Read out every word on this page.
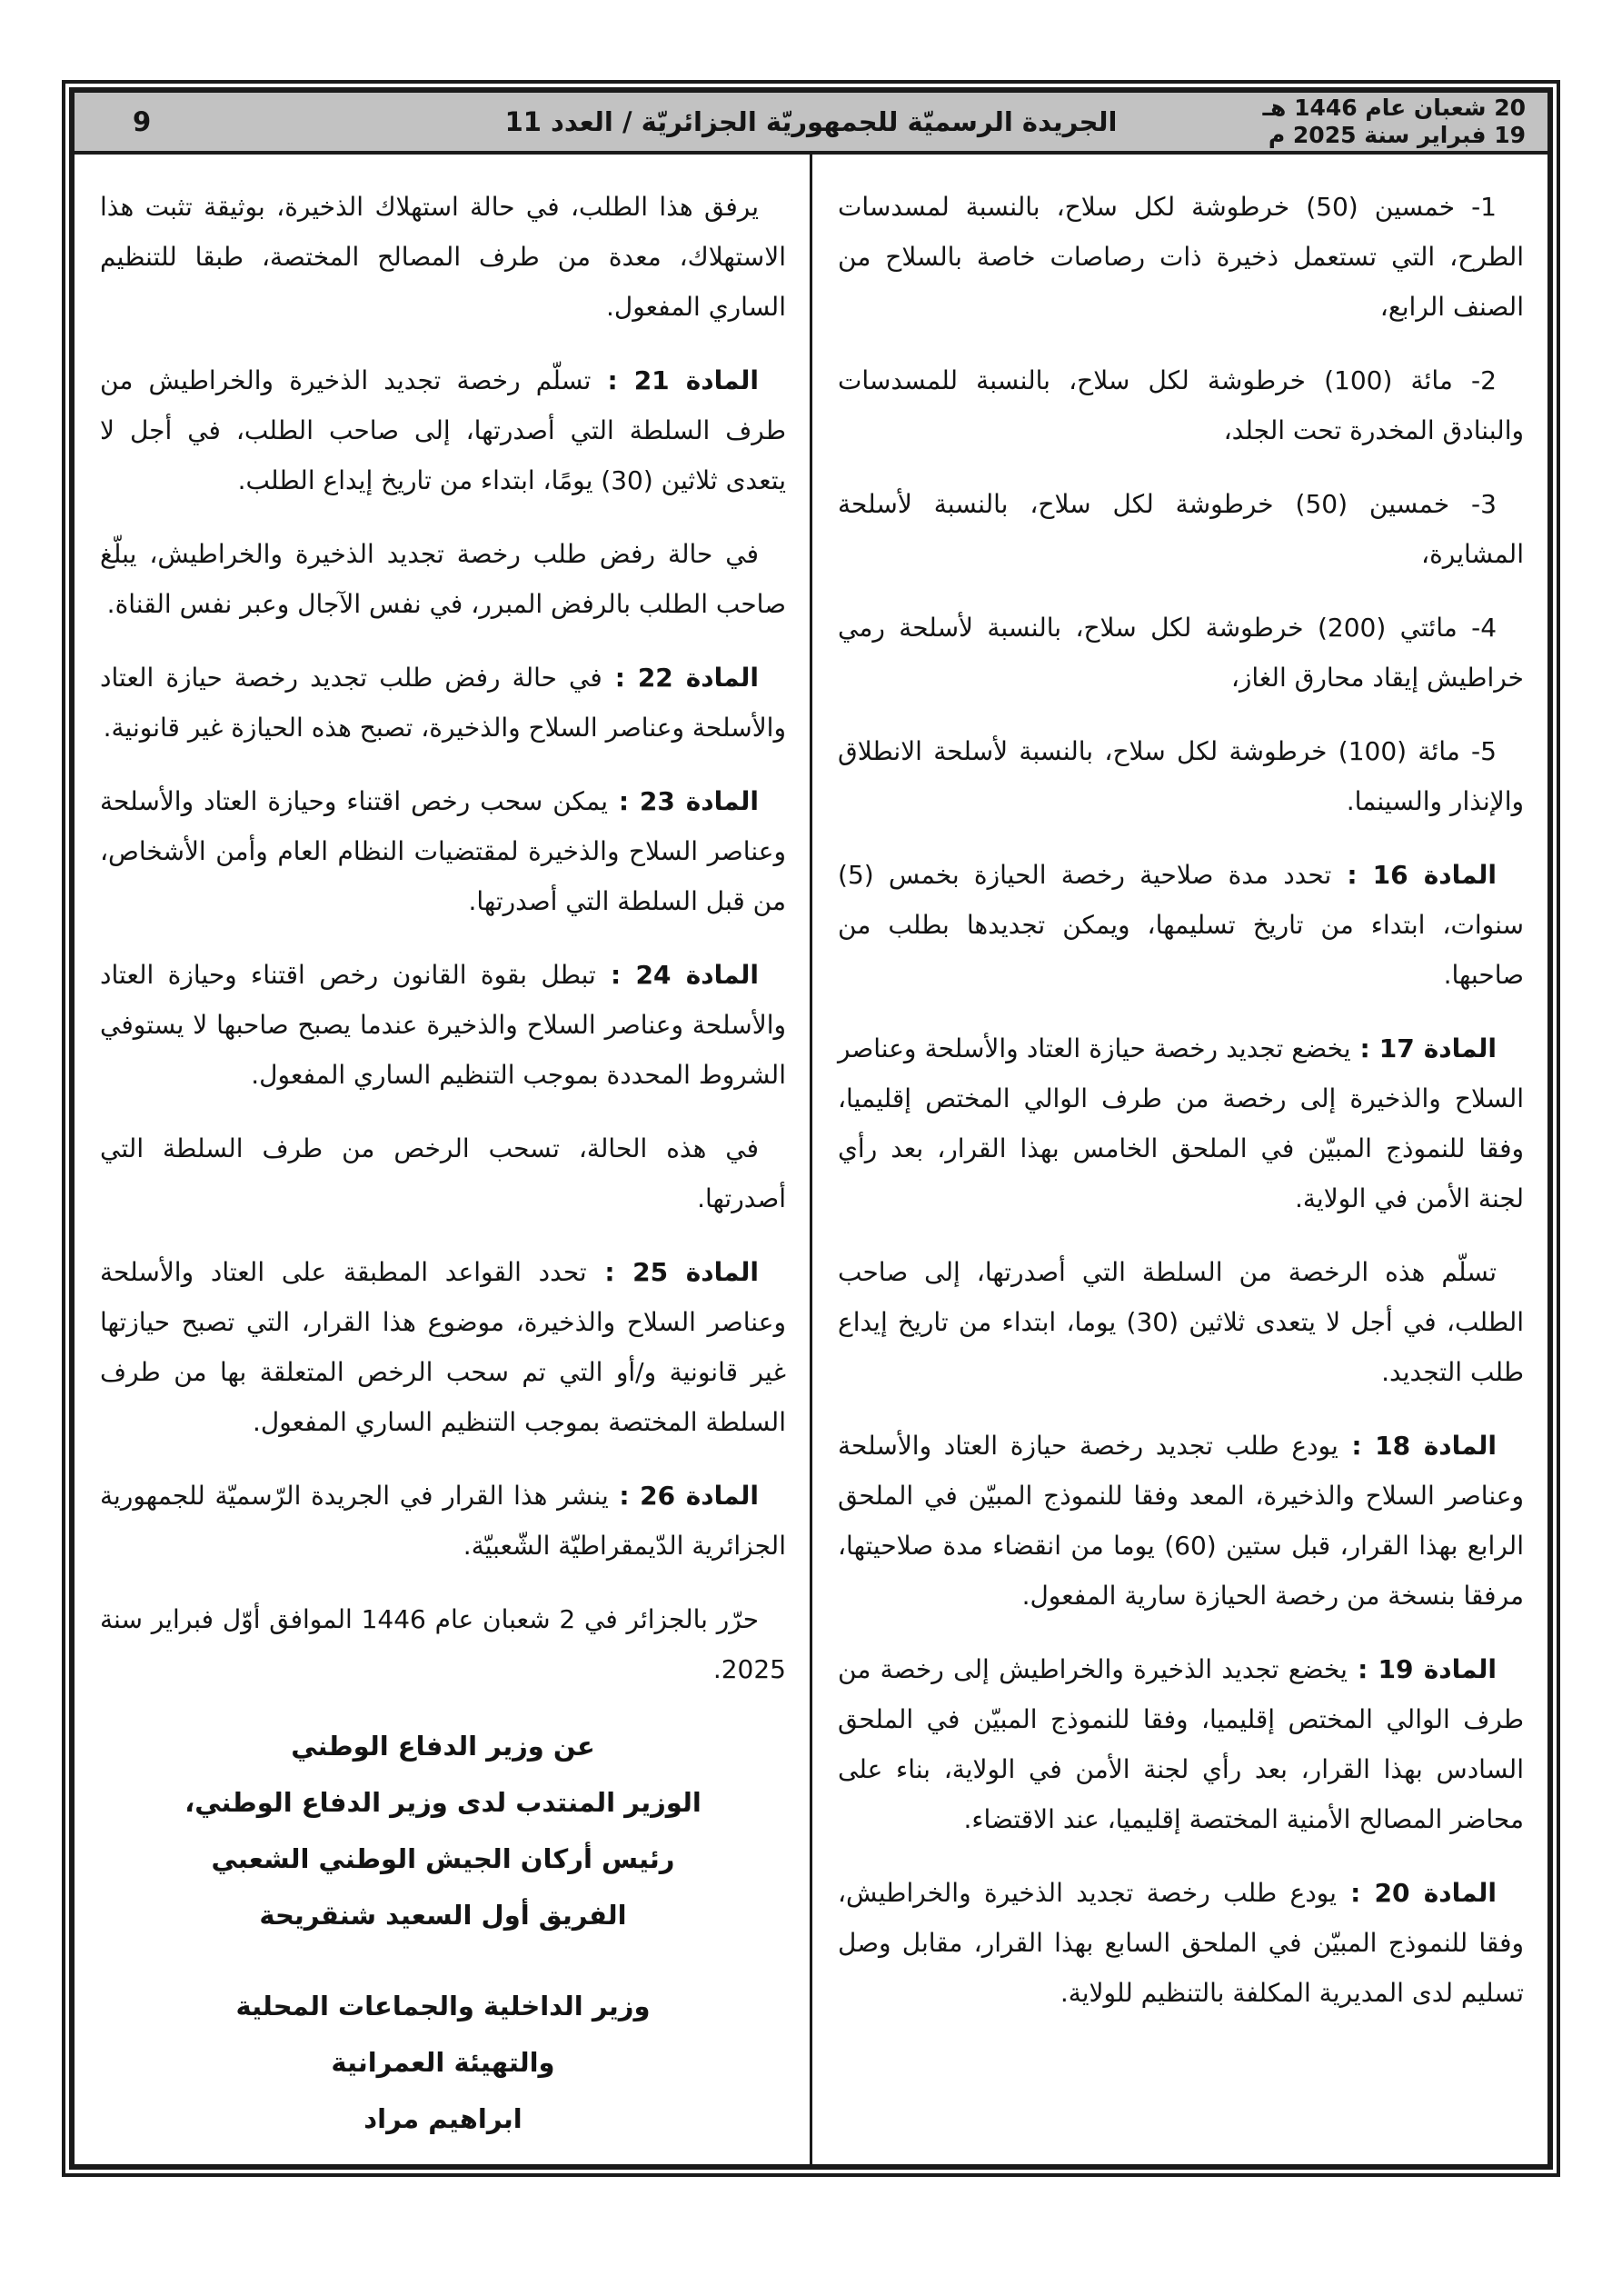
20 شعبان عام 1446 هـ
19 فبراير سنة 2025 م
الجريدة الرسميّة للجمهوريّة الجزائريّة / العدد 11
9

1- خمسين (50) خرطوشة لكل سلاح، بالنسبة لمسدسات الطرح، التي تستعمل ذخيرة ذات رصاصات خاصة بالسلاح من الصنف الرابع،

2- مائة (100) خرطوشة لكل سلاح، بالنسبة للمسدسات والبنادق المخدرة تحت الجلد،

3- خمسين (50) خرطوشة لكل سلاح، بالنسبة لأسلحة المشايرة،

4- مائتي (200) خرطوشة لكل سلاح، بالنسبة لأسلحة رمي خراطيش إيقاد محارق الغاز،

5- مائة (100) خرطوشة لكل سلاح، بالنسبة لأسلحة الانطلاق والإنذار والسينما.

المادة 16 : تحدد مدة صلاحية رخصة الحيازة بخمس (5) سنوات، ابتداء من تاريخ تسليمها، ويمكن تجديدها بطلب من صاحبها.

المادة 17 : يخضع تجديد رخصة حيازة العتاد والأسلحة وعناصر السلاح والذخيرة إلى رخصة من طرف الوالي المختص إقليميا، وفقا للنموذج المبيّن في الملحق الخامس بهذا القرار، بعد رأي لجنة الأمن في الولاية.

تسلّم هذه الرخصة من السلطة التي أصدرتها، إلى صاحب الطلب، في أجل لا يتعدى ثلاثين (30) يوما، ابتداء من تاريخ إيداع طلب التجديد.

المادة 18 : يودع طلب تجديد رخصة حيازة العتاد والأسلحة وعناصر السلاح والذخيرة، المعد وفقا للنموذج المبيّن في الملحق الرابع بهذا القرار، قبل ستين (60) يوما من انقضاء مدة صلاحيتها، مرفقا بنسخة من رخصة الحيازة سارية المفعول.

المادة 19 : يخضع تجديد الذخيرة والخراطيش إلى رخصة من طرف الوالي المختص إقليميا، وفقا للنموذج المبيّن في الملحق السادس بهذا القرار، بعد رأي لجنة الأمن في الولاية، بناء على محاضر المصالح الأمنية المختصة إقليميا، عند الاقتضاء.

المادة 20 : يودع طلب رخصة تجديد الذخيرة والخراطيش، وفقا للنموذج المبيّن في الملحق السابع بهذا القرار، مقابل وصل تسليم لدى المديرية المكلفة بالتنظيم للولاية.

يرفق هذا الطلب، في حالة استهلاك الذخيرة، بوثيقة تثبت هذا الاستهلاك، معدة من طرف المصالح المختصة، طبقا للتنظيم الساري المفعول.

المادة 21 : تسلّم رخصة تجديد الذخيرة والخراطيش من طرف السلطة التي أصدرتها، إلى صاحب الطلب، في أجل لا يتعدى ثلاثين (30) يومًا، ابتداء من تاريخ إيداع الطلب.

في حالة رفض طلب رخصة تجديد الذخيرة والخراطيش، يبلّغ صاحب الطلب بالرفض المبرر، في نفس الآجال وعبر نفس القناة.

المادة 22 : في حالة رفض طلب تجديد رخصة حيازة العتاد والأسلحة وعناصر السلاح والذخيرة، تصبح هذه الحيازة غير قانونية.

المادة 23 : يمكن سحب رخص اقتناء وحيازة العتاد والأسلحة وعناصر السلاح والذخيرة لمقتضيات النظام العام وأمن الأشخاص، من قبل السلطة التي أصدرتها.

المادة 24 : تبطل بقوة القانون رخص اقتناء وحيازة العتاد والأسلحة وعناصر السلاح والذخيرة عندما يصبح صاحبها لا يستوفي الشروط المحددة بموجب التنظيم الساري المفعول.

في هذه الحالة، تسحب الرخص من طرف السلطة التي أصدرتها.

المادة 25 : تحدد القواعد المطبقة على العتاد والأسلحة وعناصر السلاح والذخيرة، موضوع هذا القرار، التي تصبح حيازتها غير قانونية و/أو التي تم سحب الرخص المتعلقة بها من طرف السلطة المختصة بموجب التنظيم الساري المفعول.

المادة 26 : ينشر هذا القرار في الجريدة الرّسميّة للجمهورية الجزائرية الدّيمقراطيّة الشّعبيّة.

حرّر بالجزائر في 2 شعبان عام 1446 الموافق أوّل فبراير سنة 2025.

عن وزير الدفاع الوطني

الوزير المنتدب لدى وزير الدفاع الوطني،

رئيس أركان الجيش الوطني الشعبي

الفريق أول السعيد شنقريحة

وزير الداخلية والجماعات المحلية

والتهيئة العمرانية

ابراهيم مراد
